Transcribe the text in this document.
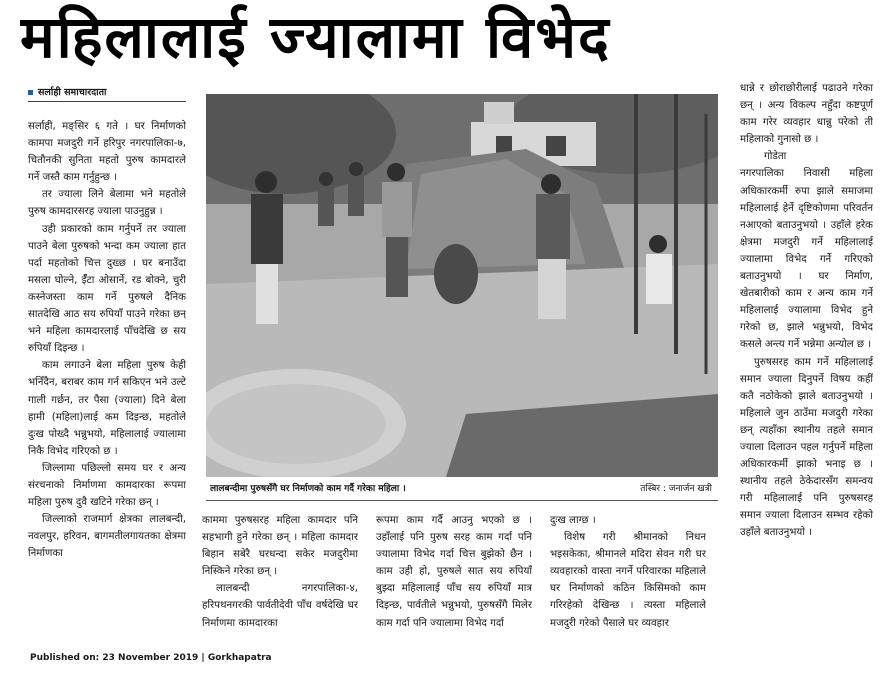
महिलालाई ज्यालामा विभेद
सर्लाही समाचारदाता

सर्लाही, मङ्सिर ६ गते । घर निर्माणको कामपा मजदुरी गर्ने हरिपुर नगरपालिका-७, चितौनकी सुनिता महतो पुरुष कामदारले गर्ने जस्तै काम गर्नुहुन्छ ।

तर ज्याला लिने बेलामा भने महतोले पुरुष कामदारसरह ज्याला पाउनुहुन्न ।

उही प्रकारको काम गर्नुपर्ने तर ज्याला पाउने बेला पुरुषको भन्दा कम ज्याला हात पर्दा महतोको चित्त दुख्छ । घर बनाउँदा मसला घोल्ने, ईँटा ओसार्ने, रड बोक्ने, चुरी कस्नेजस्ता काम गर्ने पुरुषले दैनिक सातदेखि आठ सय रुपियाँ पाउने गरेका छन् भने महिला कामदारलाई पाँचदेखि छ सय रुपियाँ दिइन्छ ।

काम लगाउने बेला महिला पुरुष केही भनिँदैन, बराबर काम गर्न सकिएन भने उल्टे गाली गर्छन, तर पैसा (ज्याला) दिने बेला हामी (महिला)लाई कम दिइन्छ, महतोले दुःख पोख्दै भन्नुभयो, महिलालाई ज्यालामा निकै विभेद गरिएको छ ।

जिल्लामा पछिल्लो समय घर र अन्य संरचनाको निर्माणमा कामदारका रूपमा महिला पुरुष दुवै खटिने गरेका छन् ।

जिल्लाको राजमार्ग क्षेत्रका लालबन्दी, नवलपुर, हरिवन, बागमतीलगायतका क्षेत्रमा निर्माणका

लालबन्दीमा पुरुषसँगै घर निर्माणको काम गर्दै गरेका महिला ।	तस्बिर : जनार्जन खत्री

काममा पुरुषसरह महिला कामदार पनि सहभागी हुने गरेका छन् । महिला कामदार बिहान सबेरै घरधन्दा सकेर मजदुरीमा निस्किने गरेका छन् ।

लालबन्दी नगरपालिका-४, हरिपथनगरकी पार्वतीदेवी पाँच वर्षदेखि घर निर्माणमा कामदारका

रूपमा काम गर्दै आउनु भएको छ । उहाँलाई पनि पुरुष सरह काम गर्दा पनि ज्यालामा विभेद गर्दा चित्त बुझेको छैन । काम उही हो, पुरुषले सात सय रुपियाँ बुझ्दा महिलालाई पाँच सय रुपियाँ मात्र दिइन्छ, पार्वतीले भन्नुभयो, पुरुषसँगै मिलेर काम गर्दा पनि ज्यालामा विभेद गर्दा

दुःख लाग्छ ।

विशेष गरी श्रीमानको निधन भइसकेका, श्रीमानले मदिरा सेवन गरी घर व्यवहारको वास्ता नगर्ने परिवारका महिलाले घर निर्माणको कठिन किसिमको काम गरिरहेको देखिन्छ । त्यस्ता महिलाले मजदुरी गरेको पैसाले घर व्यवहार

धान्ने र छोराछोरीलाई पढाउने गरेका छन् । अन्य विकल्प नहुँदा कष्टपूर्ण काम गरेर व्यवहार धान्नु परेको ती महिलाको गुनासो छ ।

गोडेता

नगरपालिका निवासी महिला अधिकारकर्मी रुपा झाले समाजमा महिलालाई हेर्ने दृष्टिकोणमा परिवर्तन नआएको बताउनुभयो । उहाँले हरेक क्षेत्रमा मजदुरी गर्ने महिलालाई ज्यालामा विभेद गर्ने गरिएको बताउनुभयो । घर निर्माण, खेतबारीको काम र अन्य काम गर्ने महिलालाई ज्यालामा विभेद हुने गरेको छ, झाले भन्नुभयो, विभेद कसले अन्त्य गर्ने भन्नेमा अन्योल छ ।

पुरुषसरह काम गर्ने महिलालाई समान ज्याला दिनुपर्ने विषय कहीँ कतै नठोकेको झाले बताउनुभयो । महिलाले जुन ठाउँमा मजदुरी गरेका छन् त्यहाँका स्थानीय तहले समान ज्याला दिलाउन पहल गर्नुपर्ने महिला अधिकारकर्मी झाको भनाइ छ । स्थानीय तहले ठेकेदारसँग समन्वय गरी महिलालाई पनि पुरुषसरह समान ज्याला दिलाउन सम्भव रहेको उहाँले बताउनुभयो ।

Published on: 23 November 2019 | Gorkhapatra
